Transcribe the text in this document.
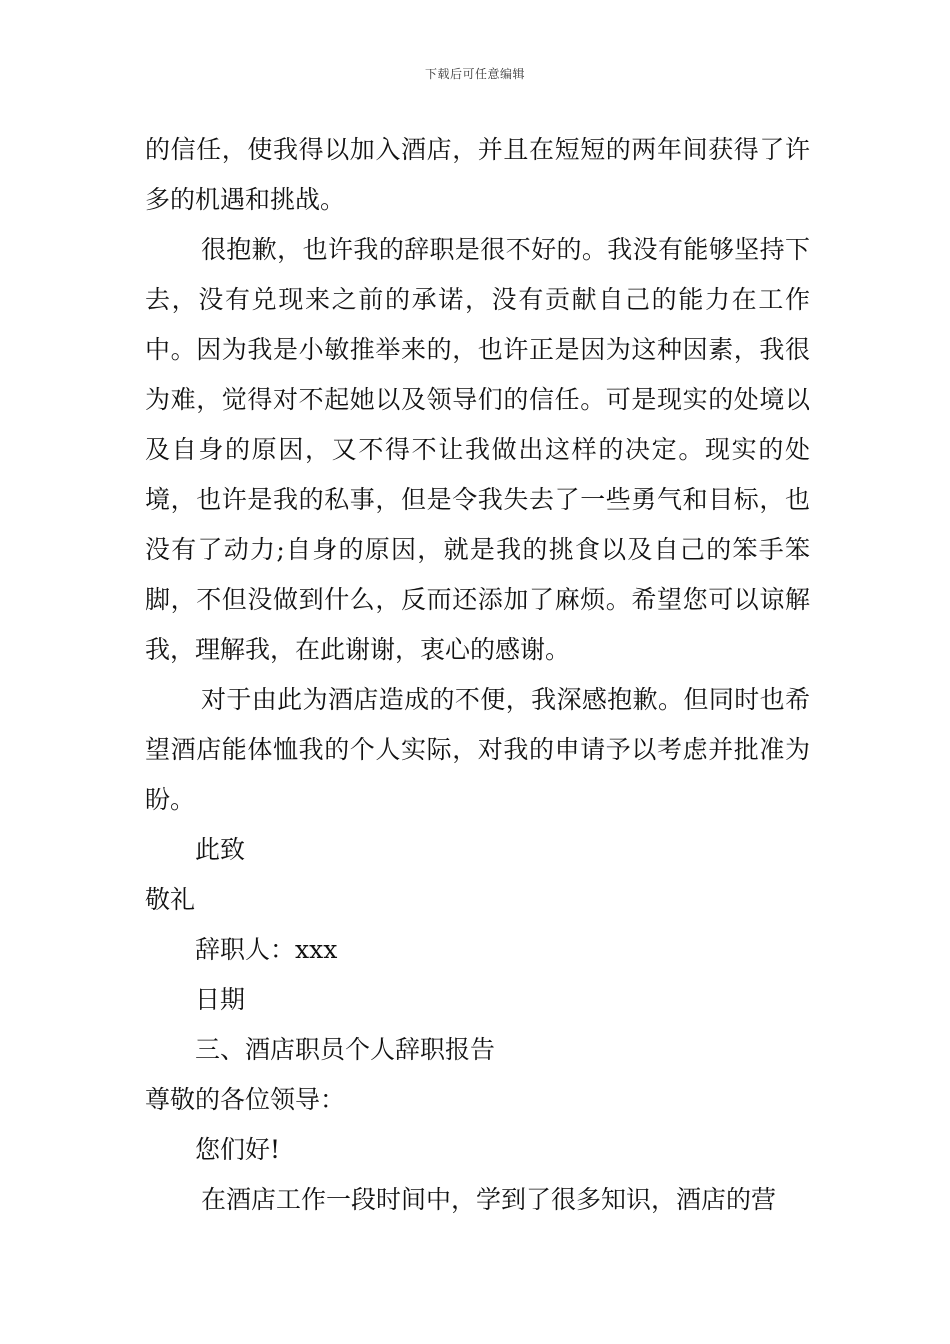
下载后可任意编辑

的信任，使我得以加入酒店，并且在短短的两年间获得了许多的机遇和挑战。

很抱歉，也许我的辞职是很不好的。我没有能够坚持下去，没有兑现来之前的承诺，没有贡献自己的能力在工作中。因为我是小敏推举来的，也许正是因为这种因素，我很为难，觉得对不起她以及领导们的信任。可是现实的处境以及自身的原因，又不得不让我做出这样的决定。现实的处境，也许是我的私事，但是令我失去了一些勇气和目标，也没有了动力;自身的原因，就是我的挑食以及自己的笨手笨脚，不但没做到什么，反而还添加了麻烦。希望您可以谅解我，理解我，在此谢谢，衷心的感谢。

对于由此为酒店造成的不便，我深感抱歉。但同时也希望酒店能体恤我的个人实际，对我的申请予以考虑并批准为盼。

此致

敬礼

辞职人：xxx

日期

三、酒店职员个人辞职报告

尊敬的各位领导：

您们好!

在酒店工作一段时间中，学到了很多知识，酒店的营
